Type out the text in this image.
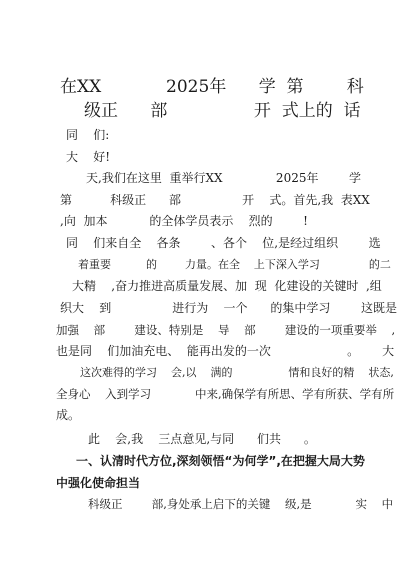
在XX            2025年      学  第        科
级正      部                开  式上的  话
同    们:
大    好!
天,我们在这里  重举行XX              2025年        学
第          科级正      部                开    式。首先,我  表XX
,向  加本           的全体学员表示    烈的        !
同    们来自全    各条        、各个    位,是经过组织        选
着重要          的        力量。在全    上下深入学习              的二
大精    ,奋力推进高质量发展、加  现  化建设的关键时  ,组
织大    到                进行为    一个      的集中学习        这既是
加强    部        建设、特别是    导    部        建设的一项重要举    ,
也是同    们加油充电、  能再出发的一次                    。      大
这次难得的学习    会,以    满的                情和良好的精    状态,
全身心    入到学习            中来,确保学有所思、学有所获、学有所
成。
此    会,我    三点意见,与同      们共      。
一、认清时代方位,深刻领悟“为何学”,在把握大局大势
中强化使命担当
科级正        部,身处承上启下的关键    级,是            实    中
